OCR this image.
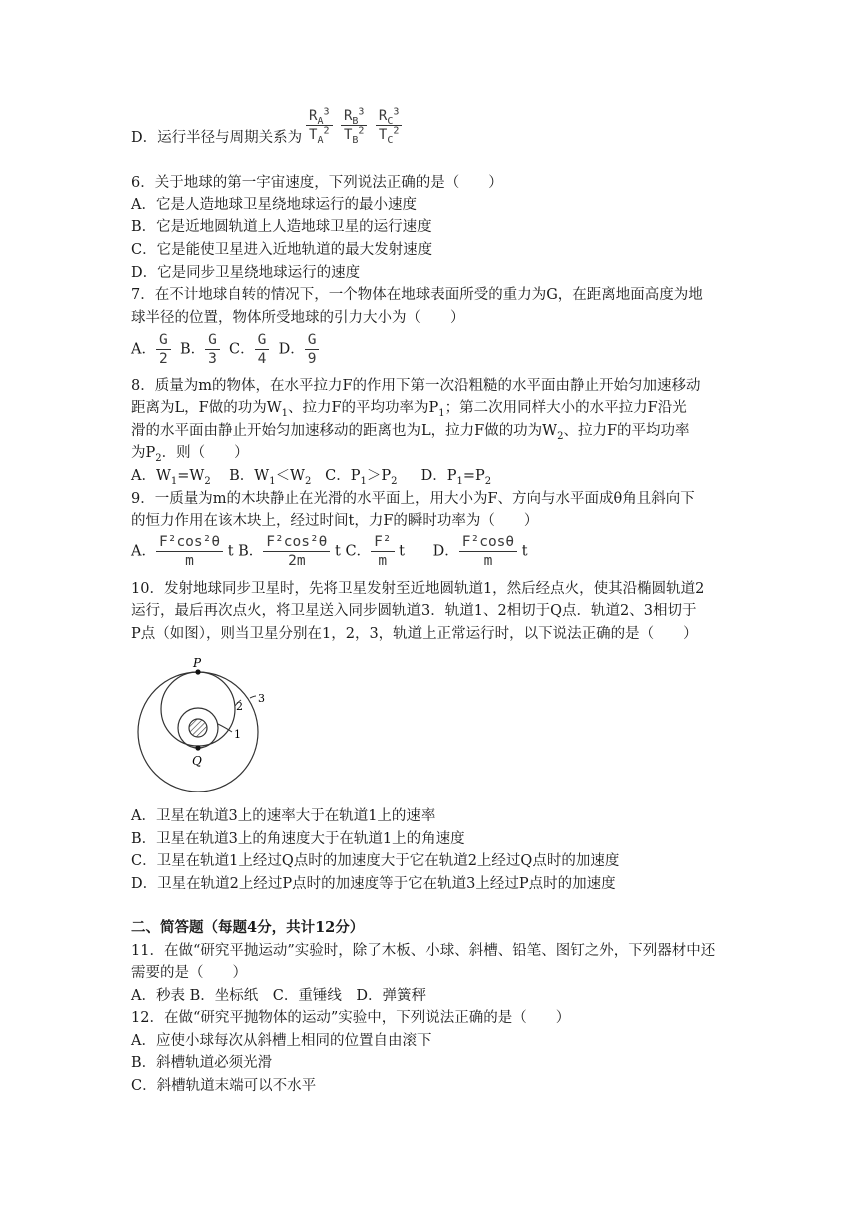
D．运行半径与周期关系为 $\frac{R_A^3}{T_A^2}$
$\frac{R_B^3}{T_B^2}$
$\frac{R_C^3}{T_C^2}$
6．关于地球的第一宇宙速度，下列说法正确的是（　　）
A．它是人造地球卫星绕地球运行的最小速度
B．它是近地圆轨道上人造地球卫星的运行速度
C．它是能使卫星进入近地轨道的最大发射速度
D．它是同步卫星绕地球运行的速度
7．在不计地球自转的情况下，一个物体在地球表面所受的重力为G，在距离地面高度为地
球半径的位置，物体所受地球的引力大小为（　　）
A． $\frac{G}{2}$ B． $\frac{G}{3}$ C． $\frac{G}{4}$ D． $\frac{G}{9}$
8．质量为m的物体，在水平拉力F的作用下第一次沿粗糙的水平面由静止开始匀加速移动
距离为L，F做的功为$W_1$、拉力F的平均功率为$P_1$；第二次用同样大小的水平拉力F沿光
滑的水平面由静止开始匀加速移动的距离也为L，拉力F做的功为$W_2$、拉力F的平均功率
为$P_2$．则（　　）
A．$W_1=W_2$ B．$W_1<W_2$ C．$P_1>P_2$ D．$P_1=P_2$
9．一质量为m的木块静止在光滑的水平面上，用大小为F、方向与水平面成θ角且斜向下
的恒力作用在该木块上，经过时间t，力F的瞬时功率为（　　）
A． $\frac{\text{F²cos²θ}}{m}$ t B． $\frac{\text{F²cos²θ}}{2m}$ t C． $\frac{\text{F²}}{m}$ t D． $\frac{\text{F²cosθ}}{m}$ t
10．发射地球同步卫星时，先将卫星发射至近地圆轨道1，然后经点火，使其沿椭圆轨道2
运行，最后再次点火，将卫星送入同步圆轨道3．轨道1、2相切于Q点．轨道2、3相切于
P点（如图），则当卫星分别在1，2，3，轨道上正常运行时，以下说法正确的是（　　）
P
Q
1
2
3
A．卫星在轨道3上的速率大于在轨道1上的速率
B．卫星在轨道3上的角速度大于在轨道1上的角速度
C．卫星在轨道1上经过Q点时的加速度大于它在轨道2上经过Q点时的加速度
D．卫星在轨道2上经过P点时的加速度等于它在轨道3上经过P点时的加速度
二、简答题（每题4分，共计12分）
11．在做“研究平抛运动”实验时，除了木板、小球、斜槽、铅笔、图钉之外，下列器材中还
需要的是（　　）
A．秒表 B．坐标纸　C．重锤线　D．弹簧秤
12．在做“研究平抛物体的运动”实验中，下列说法正确的是（　　）
A．应使小球每次从斜槽上相同的位置自由滚下
B．斜槽轨道必须光滑
C．斜槽轨道末端可以不水平
